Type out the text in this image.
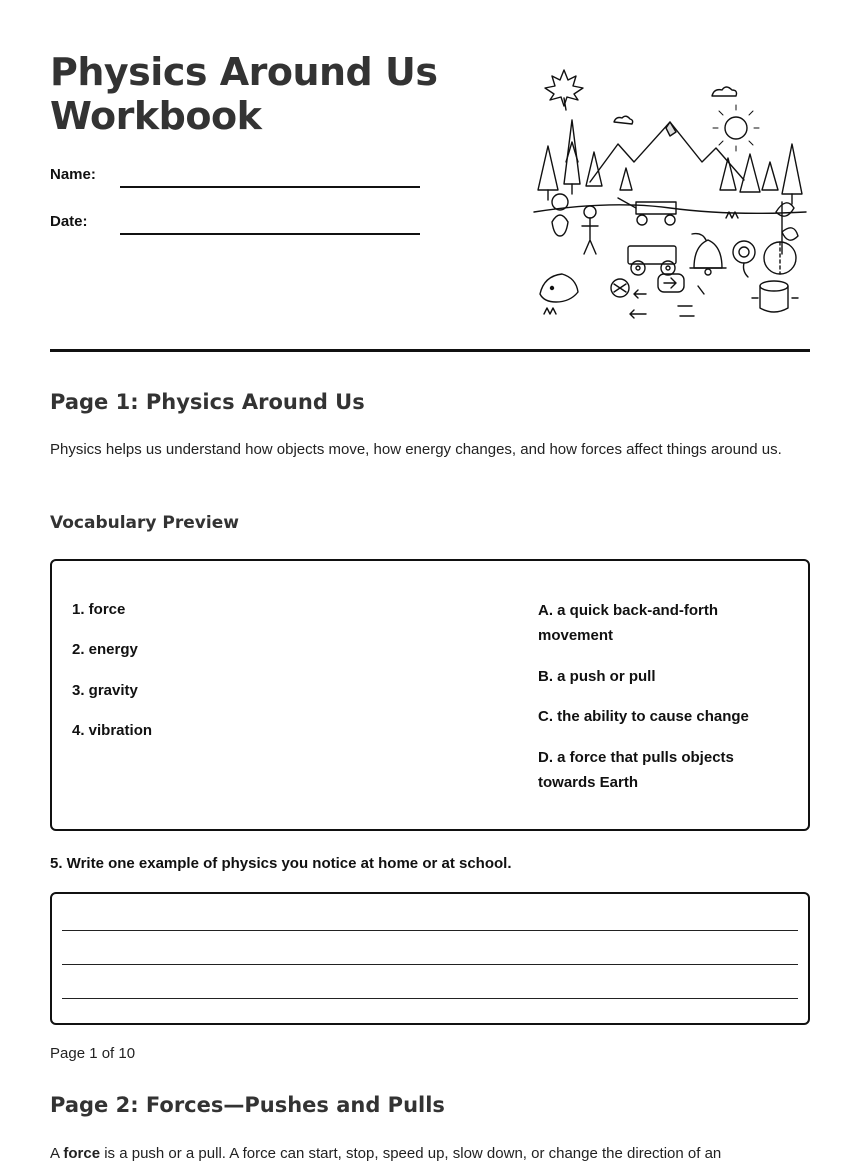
Physics Around Us
Workbook
Name:
Date:
Page 1: Physics Around Us

Physics helps us understand how objects move, how energy changes, and how forces affect things around us.

Vocabulary Preview
1. force
2. energy
3. gravity
4. vibration
A. a quick back-and-forth movement
B. a push or pull
C. the ability to cause change
D. a force that pulls objects towards Earth

5. Write one example of physics you notice at home or at school.

Page 1 of 10
Page 2: Forces—Pushes and Pulls

A force is a push or a pull. A force can start, stop, speed up, slow down, or change the direction of an
